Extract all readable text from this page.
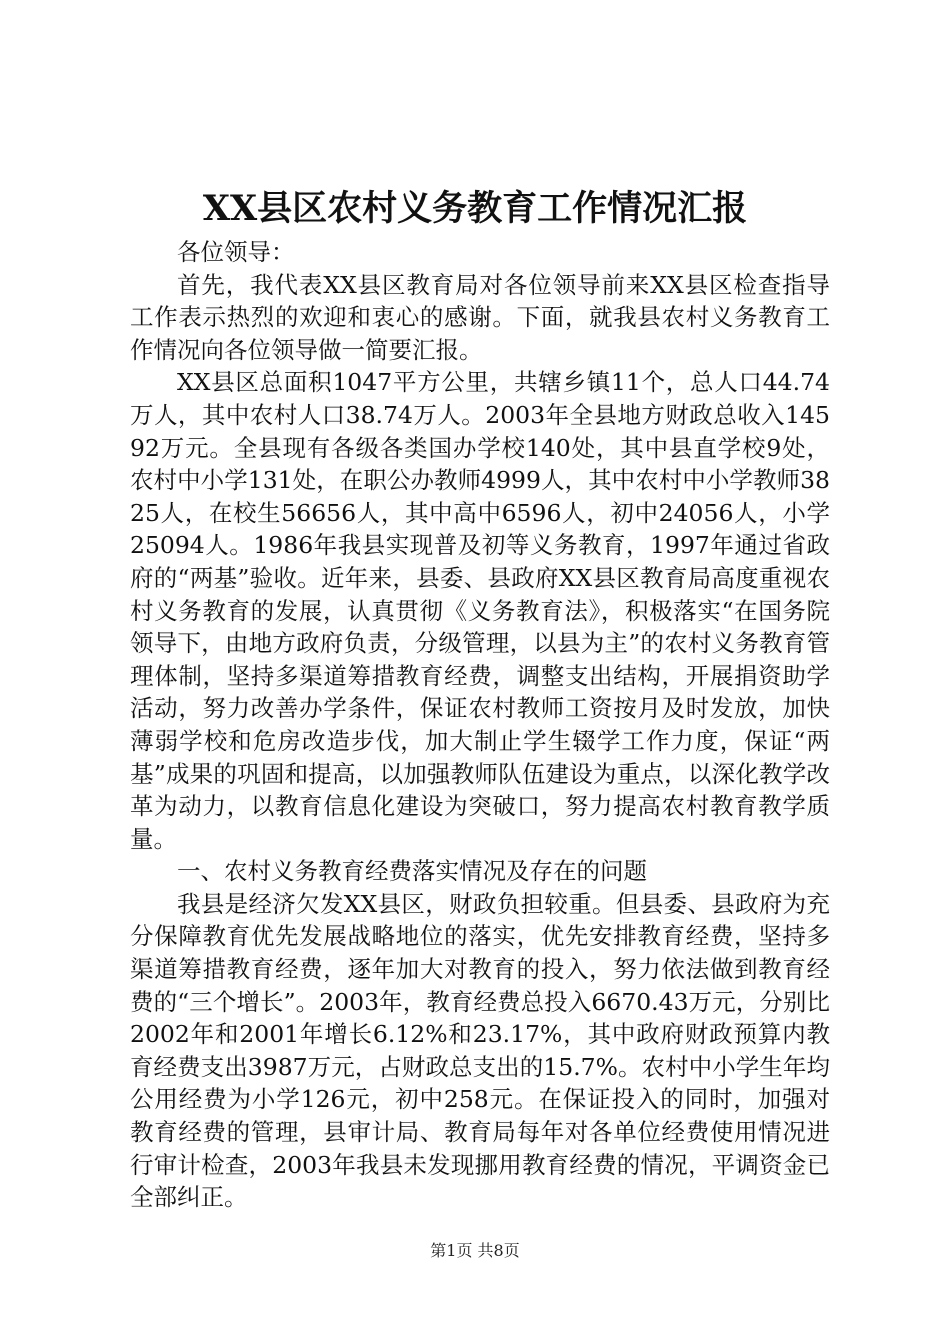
XX县区农村义务教育工作情况汇报

各位领导：

首先，我代表XX县区教育局对各位领导前来XX县区检查指导工作表示热烈的欢迎和衷心的感谢。下面，就我县农村义务教育工作情况向各位领导做一简要汇报。

XX县区总面积1047平方公里，共辖乡镇11个，总人口44.74万人，其中农村人口38.74万人。2003年全县地方财政总收入14592万元。全县现有各级各类国办学校140处，其中县直学校9处，农村中小学131处，在职公办教师4999人，其中农村中小学教师3825人，在校生56656人，其中高中6596人，初中24056人，小学25094人。1986年我县实现普及初等义务教育，1997年通过省政府的“两基”验收。近年来，县委、县政府XX县区教育局高度重视农村义务教育的发展，认真贯彻《义务教育法》，积极落实“在国务院领导下，由地方政府负责，分级管理，以县为主”的农村义务教育管理体制，坚持多渠道筹措教育经费，调整支出结构，开展捐资助学活动，努力改善办学条件，保证农村教师工资按月及时发放，加快薄弱学校和危房改造步伐，加大制止学生辍学工作力度，保证“两基”成果的巩固和提高，以加强教师队伍建设为重点，以深化教学改革为动力，以教育信息化建设为突破口，努力提高农村教育教学质量。

一、农村义务教育经费落实情况及存在的问题

我县是经济欠发XX县区，财政负担较重。但县委、县政府为充分保障教育优先发展战略地位的落实，优先安排教育经费，坚持多渠道筹措教育经费，逐年加大对教育的投入，努力依法做到教育经费的“三个增长”。2003年，教育经费总投入6670.43万元，分别比2002年和2001年增长6.12%和23.17%，其中政府财政预算内教育经费支出3987万元，占财政总支出的15.7%。农村中小学生年均公用经费为小学126元，初中258元。在保证投入的同时，加强对教育经费的管理，县审计局、教育局每年对各单位经费使用情况进行审计检查，2003年我县未发现挪用教育经费的情况，平调资金已全部纠正。

第1页 共8页
